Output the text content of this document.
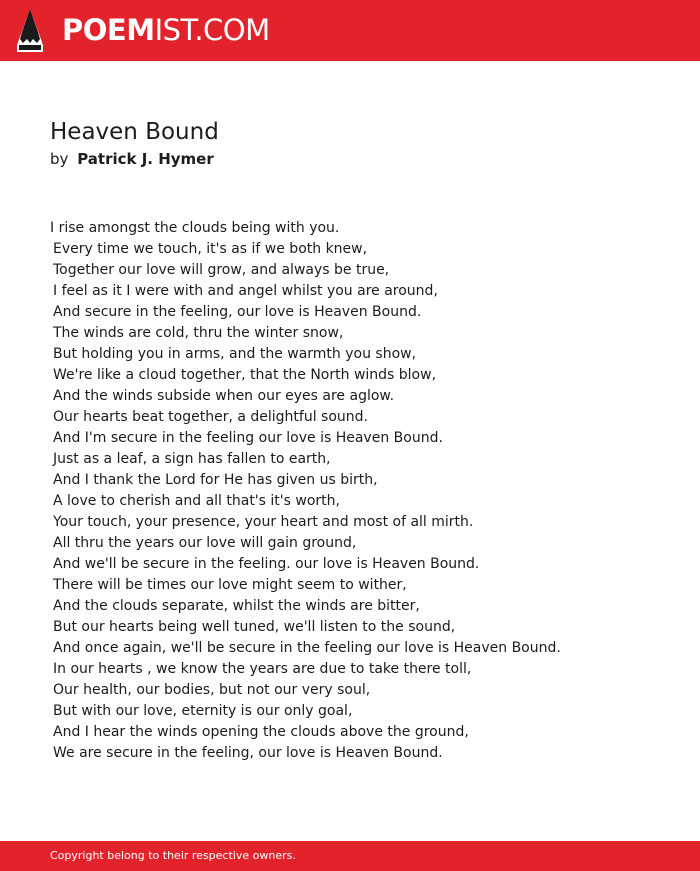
POEMIST.COM
Heaven Bound
by Patrick J. Hymer
I rise amongst the clouds being with you.
Every time we touch, it's as if we both knew,
Together our love will grow, and always be true,
I feel as it I were with and angel whilst you are around,
And secure in the feeling, our love is Heaven Bound.
The winds are cold, thru the winter snow,
But holding you in arms, and the warmth you show,
We're like a cloud together, that the North winds blow,
And the winds subside when our eyes are aglow.
Our hearts beat together, a delightful sound.
And I'm secure in the feeling our love is Heaven Bound.
Just as a leaf, a sign has fallen to earth,
And I thank the Lord for He has given us birth,
A love to cherish and all that's it's worth,
Your touch, your presence, your heart and most of all mirth.
All thru the years our love will gain ground,
And we'll be secure in the feeling. our love is Heaven Bound.
There will be times our love might seem to wither,
And the clouds separate, whilst the winds are bitter,
But our hearts being well tuned, we'll listen to the sound,
And once again, we'll be secure in the feeling our love is Heaven Bound.
In our hearts , we know the years are due to take there toll,
Our health, our bodies, but not our very soul,
But with our love, eternity is our only goal,
And I hear the winds opening the clouds above the ground,
We are secure in the feeling, our love is Heaven Bound.
Copyright belong to their respective owners.
